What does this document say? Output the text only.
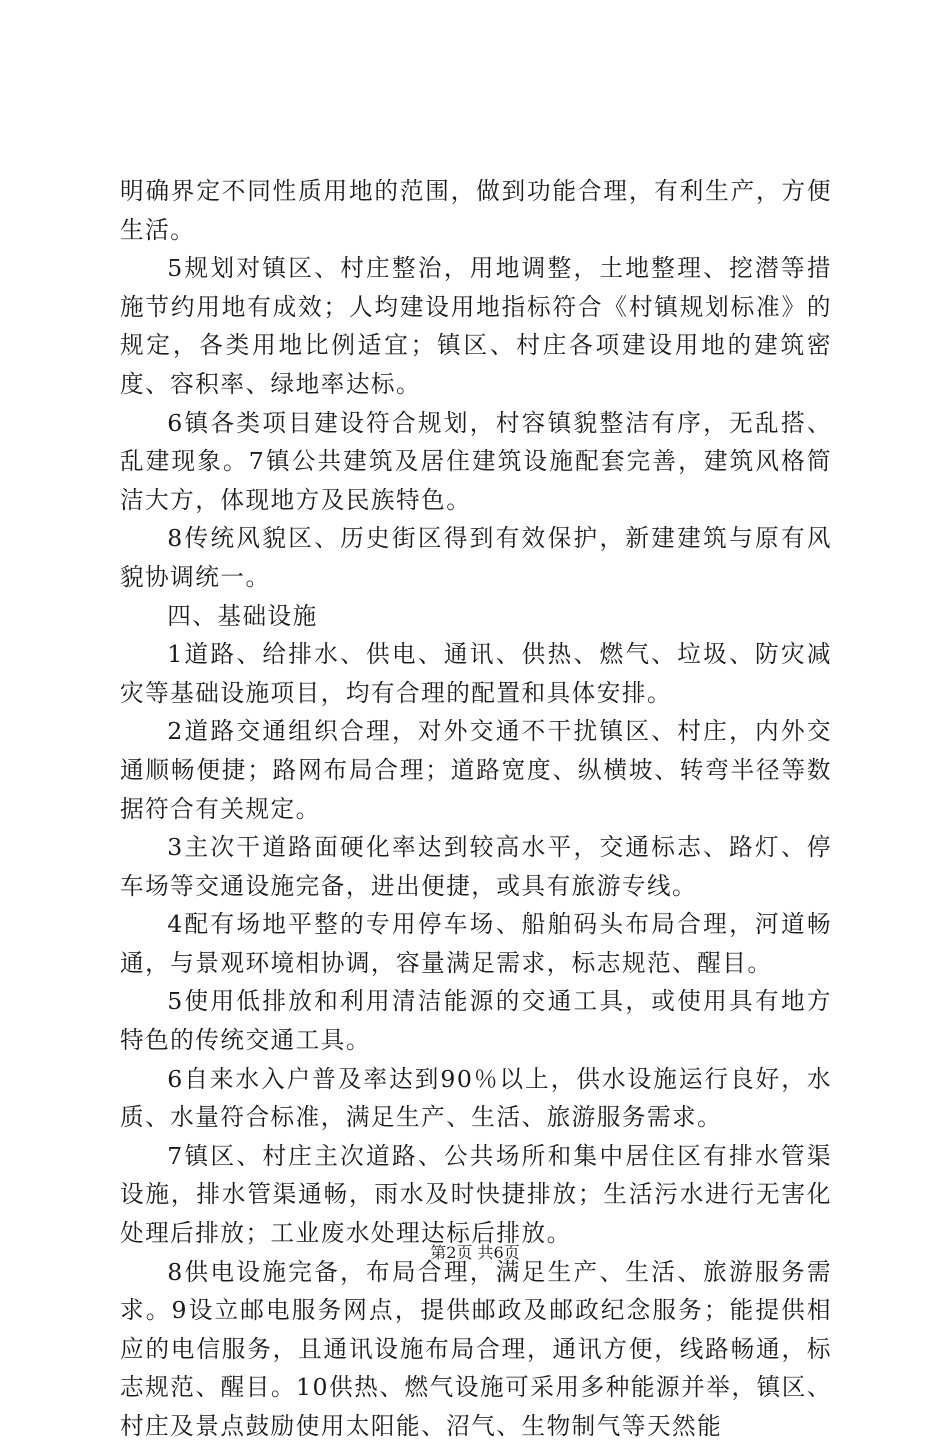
明确界定不同性质用地的范围，做到功能合理，有利生产，方便生活。

5规划对镇区、村庄整治，用地调整，土地整理、挖潜等措施节约用地有成效；人均建设用地指标符合《村镇规划标准》的规定，各类用地比例适宜；镇区、村庄各项建设用地的建筑密度、容积率、绿地率达标。

6镇各类项目建设符合规划，村容镇貌整洁有序，无乱搭、乱建现象。7镇公共建筑及居住建筑设施配套完善，建筑风格简洁大方，体现地方及民族特色。

8传统风貌区、历史街区得到有效保护，新建建筑与原有风貌协调统一。

四、基础设施

1道路、给排水、供电、通讯、供热、燃气、垃圾、防灾减灾等基础设施项目，均有合理的配置和具体安排。

2道路交通组织合理，对外交通不干扰镇区、村庄，内外交通顺畅便捷；路网布局合理；道路宽度、纵横坡、转弯半径等数据符合有关规定。

3主次干道路面硬化率达到较高水平，交通标志、路灯、停车场等交通设施完备，进出便捷，或具有旅游专线。

4配有场地平整的专用停车场、船舶码头布局合理，河道畅通，与景观环境相协调，容量满足需求，标志规范、醒目。

5使用低排放和利用清洁能源的交通工具，或使用具有地方特色的传统交通工具。

6自来水入户普及率达到90％以上，供水设施运行良好，水质、水量符合标准，满足生产、生活、旅游服务需求。

7镇区、村庄主次道路、公共场所和集中居住区有排水管渠设施，排水管渠通畅，雨水及时快捷排放；生活污水进行无害化处理后排放；工业废水处理达标后排放。

8供电设施完备，布局合理，满足生产、生活、旅游服务需求。9设立邮电服务网点，提供邮政及邮政纪念服务；能提供相应的电信服务，且通讯设施布局合理，通讯方便，线路畅通，标志规范、醒目。10供热、燃气设施可采用多种能源并举，镇区、村庄及景点鼓励使用太阳能、沼气、生物制气等天然能

第2页 共6页
